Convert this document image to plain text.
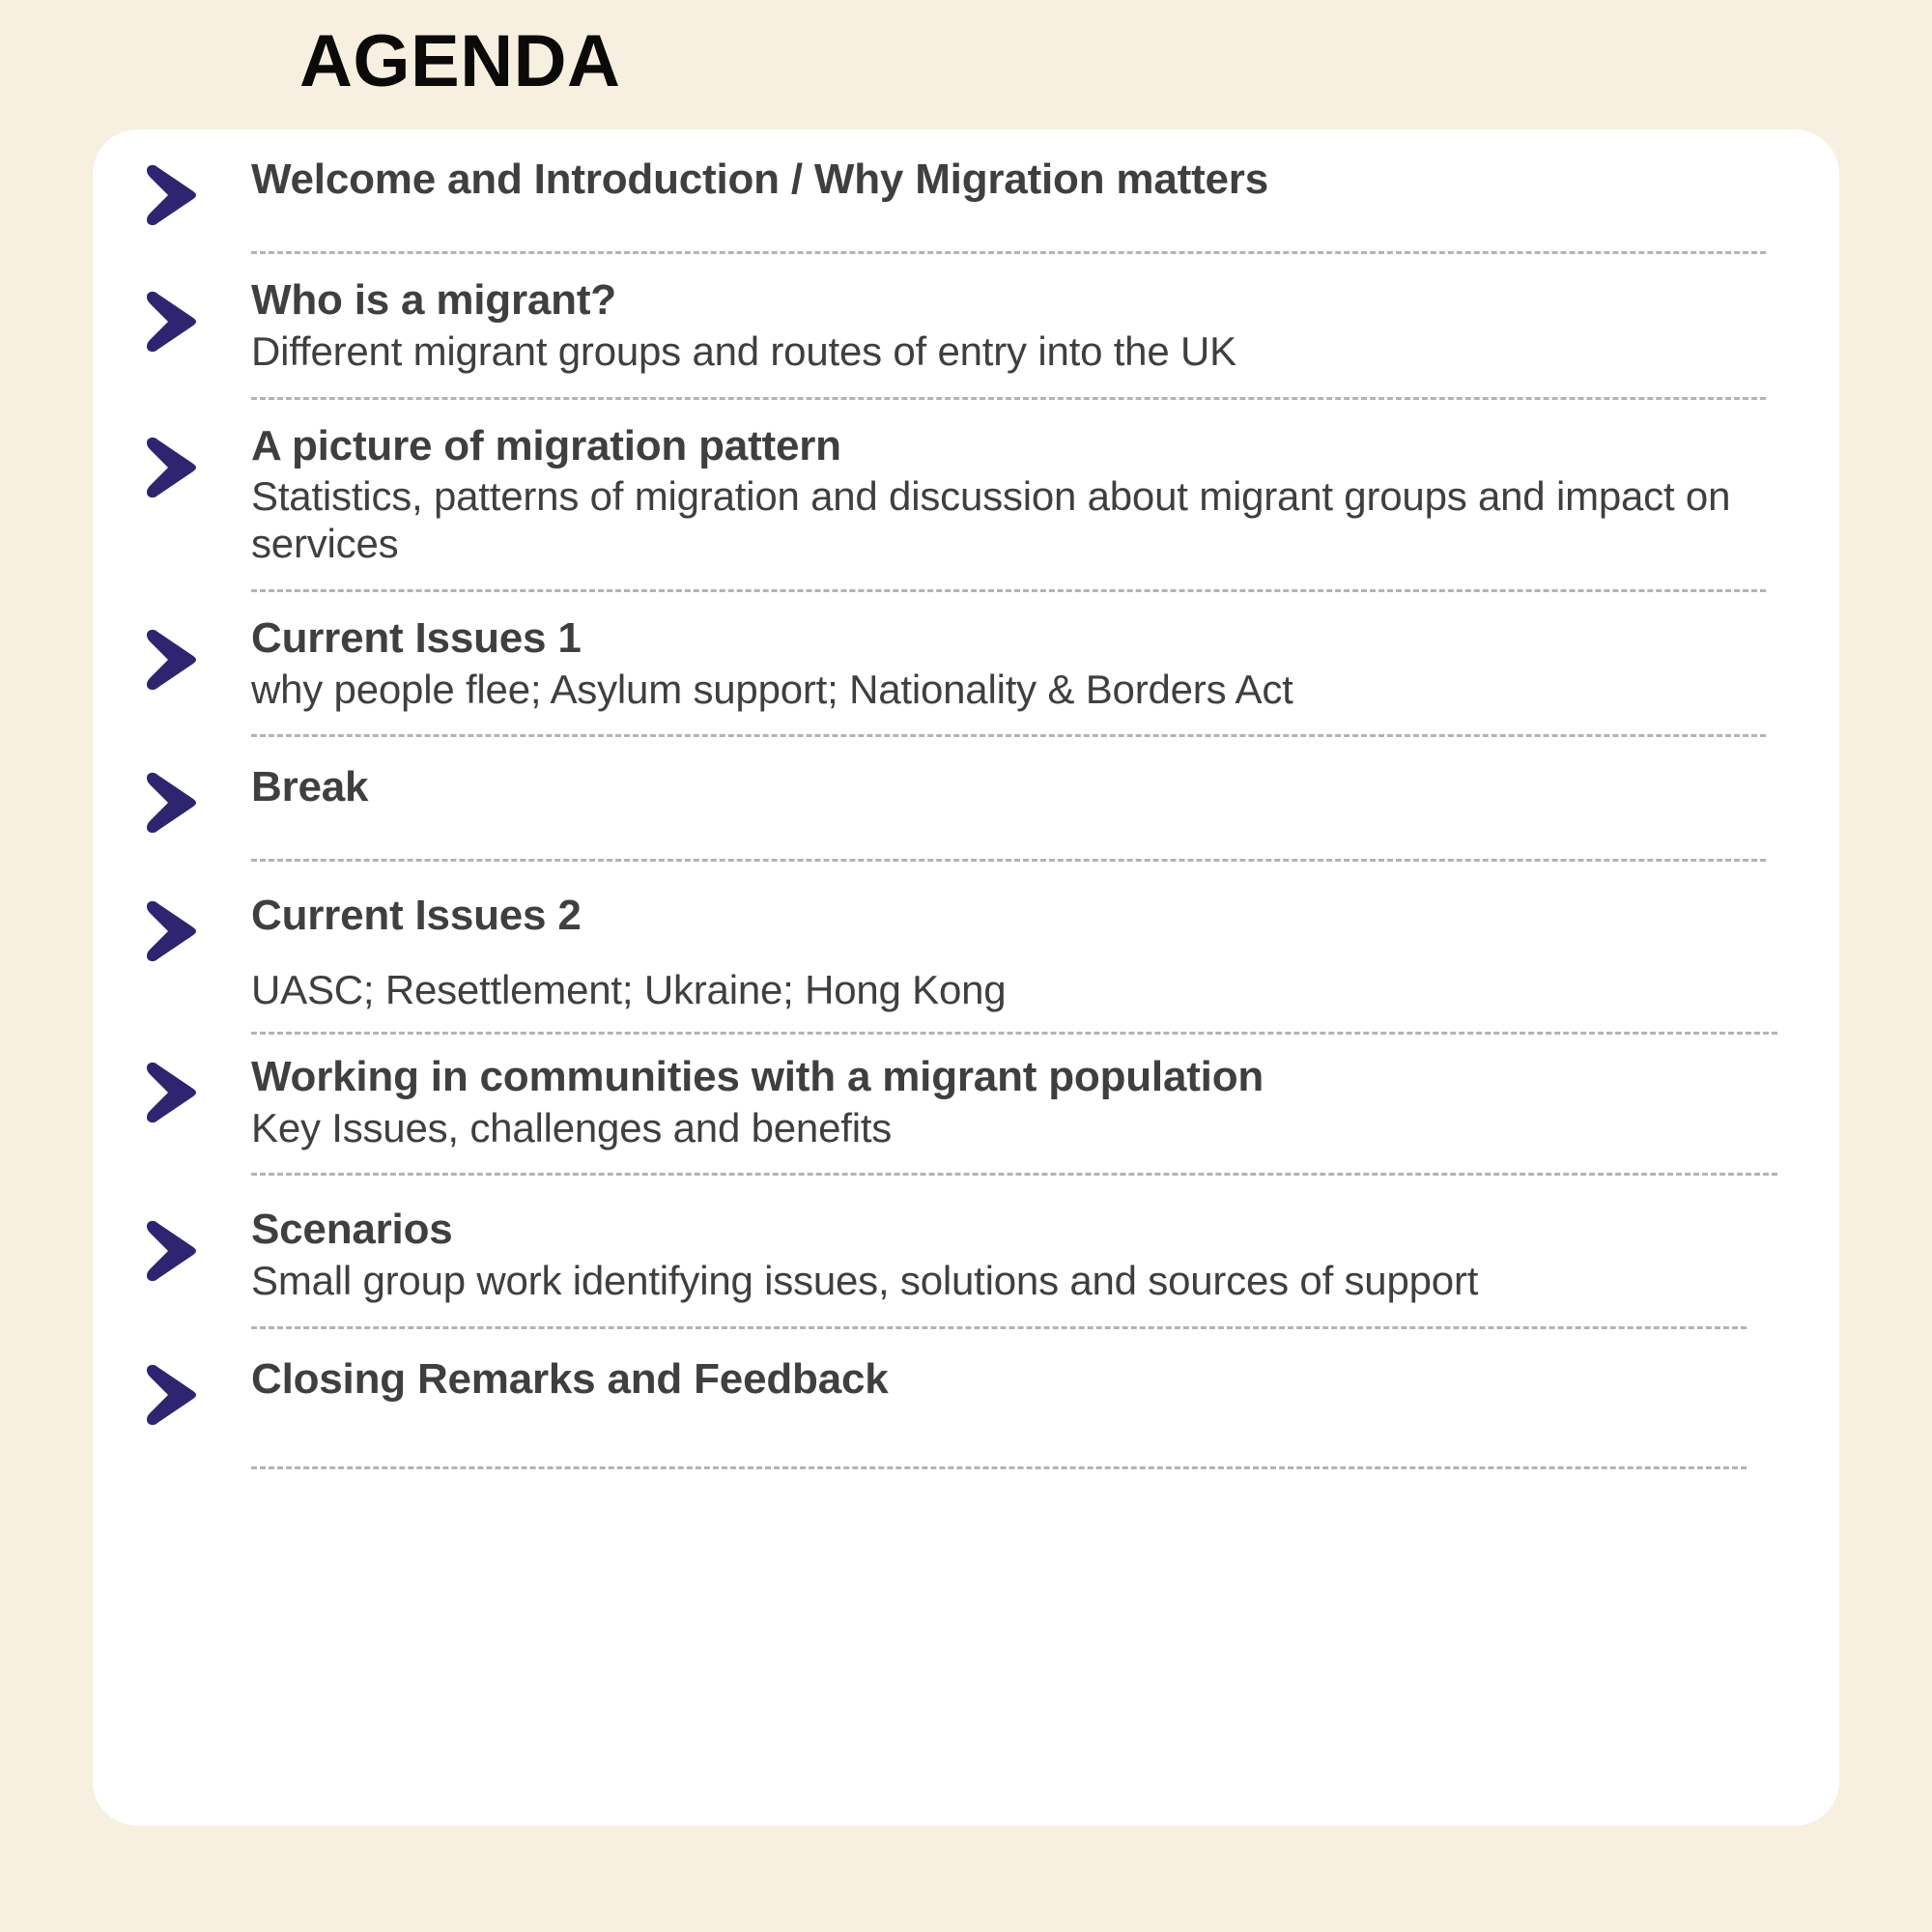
AGENDA
Welcome and Introduction / Why Migration matters
Who is a migrant?
Different migrant groups and routes of entry into the UK
A picture of migration pattern
Statistics, patterns of migration and discussion about migrant groups and impact on services
Current Issues 1
why people flee; Asylum support; Nationality & Borders Act
Break
Current Issues 2
UASC; Resettlement; Ukraine; Hong Kong
Working in communities with a migrant population
Key Issues, challenges and benefits
Scenarios
Small group work identifying issues, solutions and sources of support
Closing Remarks and Feedback
